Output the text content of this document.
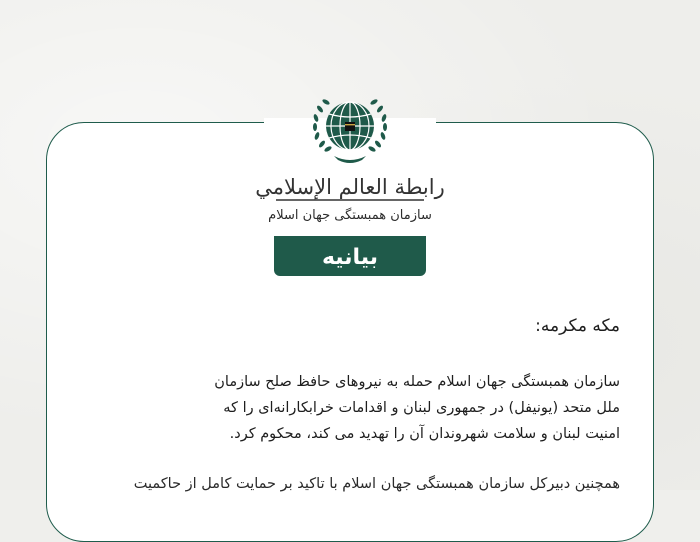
رابطة العالم الإسلامي
سازمان همبستگی جهان اسلام
بیانیه
مکه مکرمه:
سازمان همبستگی جهان اسلام حمله به نیروهای حافظ صلح سازمان
ملل متحد (یونیفل) در جمهوری لبنان و اقدامات خرابکارانه‌ای را که
امنیت لبنان و سلامت شهروندان آن را تهدید می کند، محکوم کرد.
همچنین دبیرکل سازمان همبستگی جهان اسلام با تاکید بر حمایت کامل از حاکمیت
